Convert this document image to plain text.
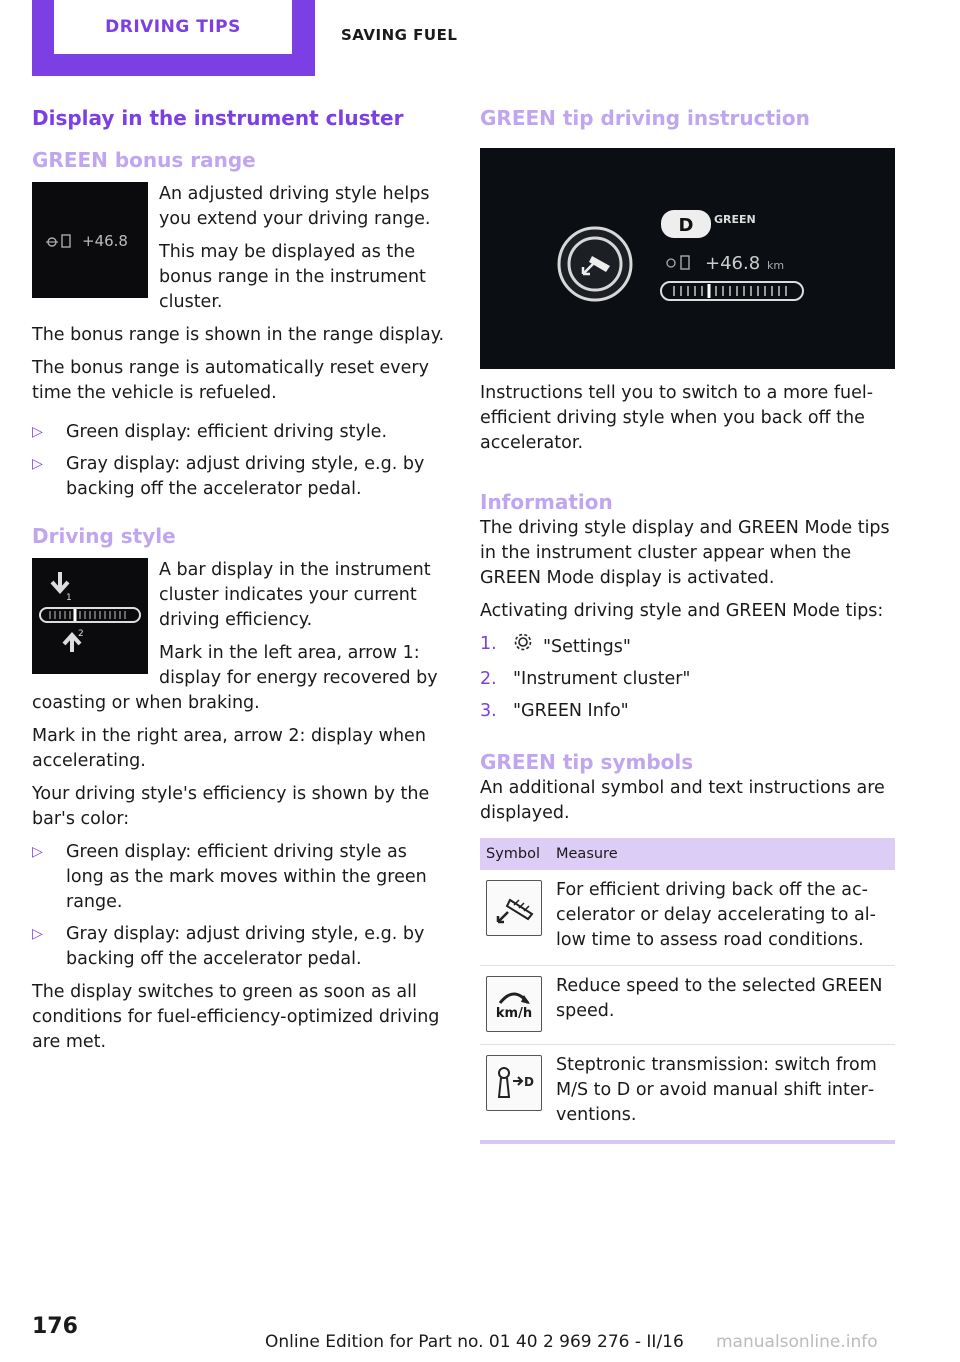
DRIVING TIPS	SAVING FUEL
Display in the instrument cluster
GREEN bonus range
+46.8

An adjusted driving style helps you extend your driving range.

This may be displayed as the bonus range in the instrument cluster.

The bonus range is shown in the range display.

The bonus range is automatically reset every time the vehicle is refueled.

▷ Green display: efficient driving style.
▷ Gray display: adjust driving style, e.g. by backing off the accelerator pedal.
Driving style
1
2

A bar display in the instrument cluster indicates your current driving efficiency.

Mark in the left area, arrow 1: display for energy recovered by coasting or when braking.

Mark in the right area, arrow 2: display when accelerating.

Your driving style's efficiency is shown by the bar's color:

▷ Green display: efficient driving style as long as the mark moves within the green range.
▷ Gray display: adjust driving style, e.g. by backing off the accelerator pedal.

The display switches to green as soon as all conditions for fuel-efficiency-optimized driving are met.

GREEN tip driving instruction
D GREEN
+46.8 km

Instructions tell you to switch to a more fuel-efficient driving style when you back off the accelerator.

Information

The driving style display and GREEN Mode tips in the instrument cluster appear when the GREEN Mode display is activated.

Activating driving style and GREEN Mode tips:

1.	"Settings"
2. "Instrument cluster"
3. "GREEN Info"
GREEN tip symbols

An additional symbol and text instructions are displayed.

Symbol	Measure

	For efficient driving back off the accelerator or delay accelerating to allow time to assess road conditions.

km/h	Reduce speed to the selected GREEN speed.

D	Steptronic transmission: switch from M/S to D or avoid manual shift interventions.
176
Online Edition for Part no. 01 40 2 969 276 - II/16 manualsonline.info
